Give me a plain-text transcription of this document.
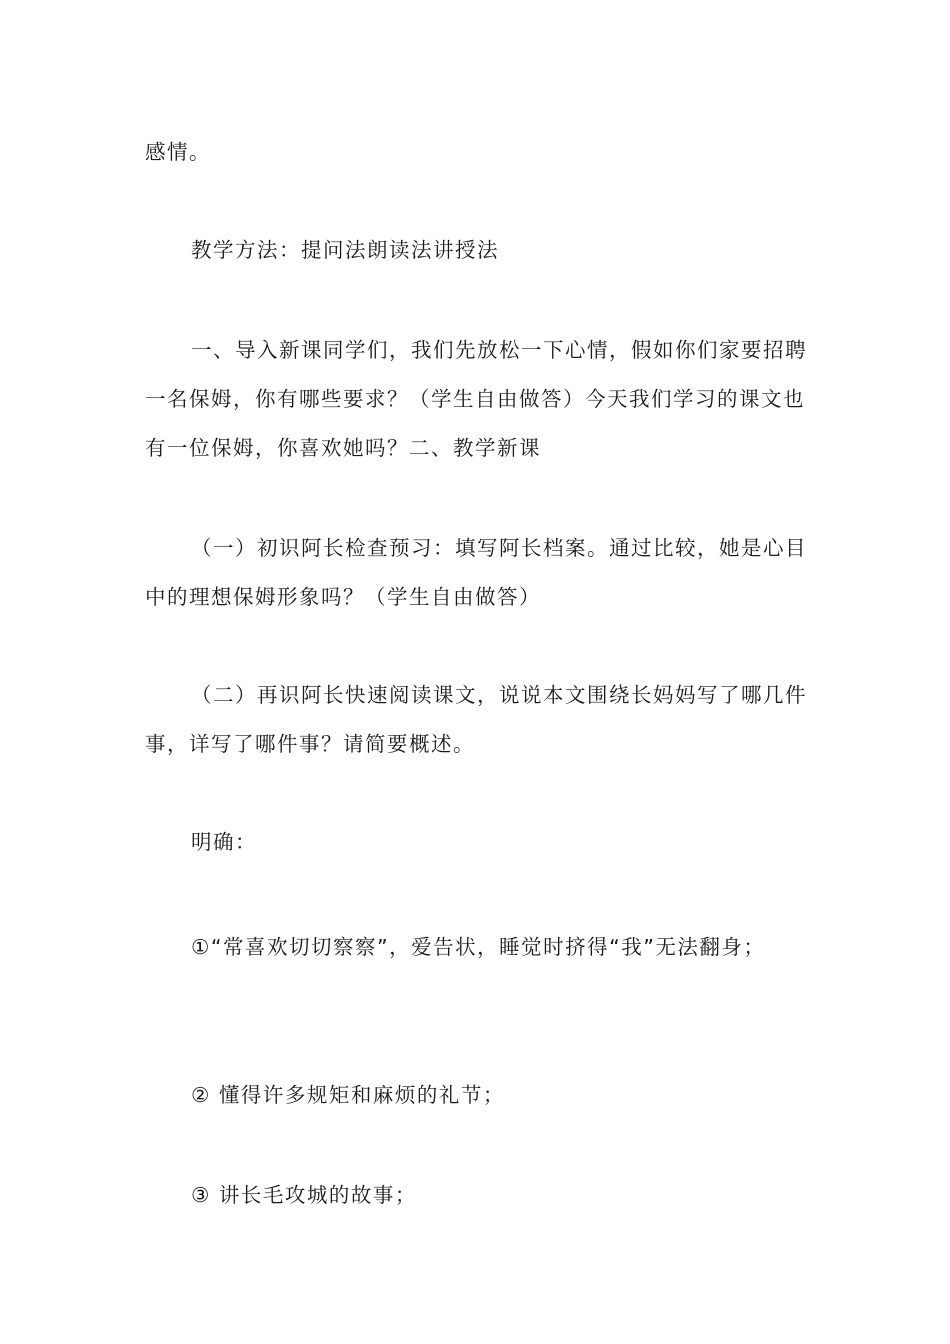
感情。

教学方法：提问法朗读法讲授法

一、导入新课同学们，我们先放松一下心情，假如你们家要招聘一名保姆，你有哪些要求？（学生自由做答）今天我们学习的课文也有一位保姆，你喜欢她吗？二、教学新课

（一）初识阿长检查预习：填写阿长档案。通过比较，她是心目中的理想保姆形象吗？（学生自由做答）

（二）再识阿长快速阅读课文，说说本文围绕长妈妈写了哪几件事，详写了哪件事？请简要概述。

明确：

①“常喜欢切切察察”，爱告状，睡觉时挤得“我”无法翻身；

② 懂得许多规矩和麻烦的礼节；

③ 讲长毛攻城的故事；
